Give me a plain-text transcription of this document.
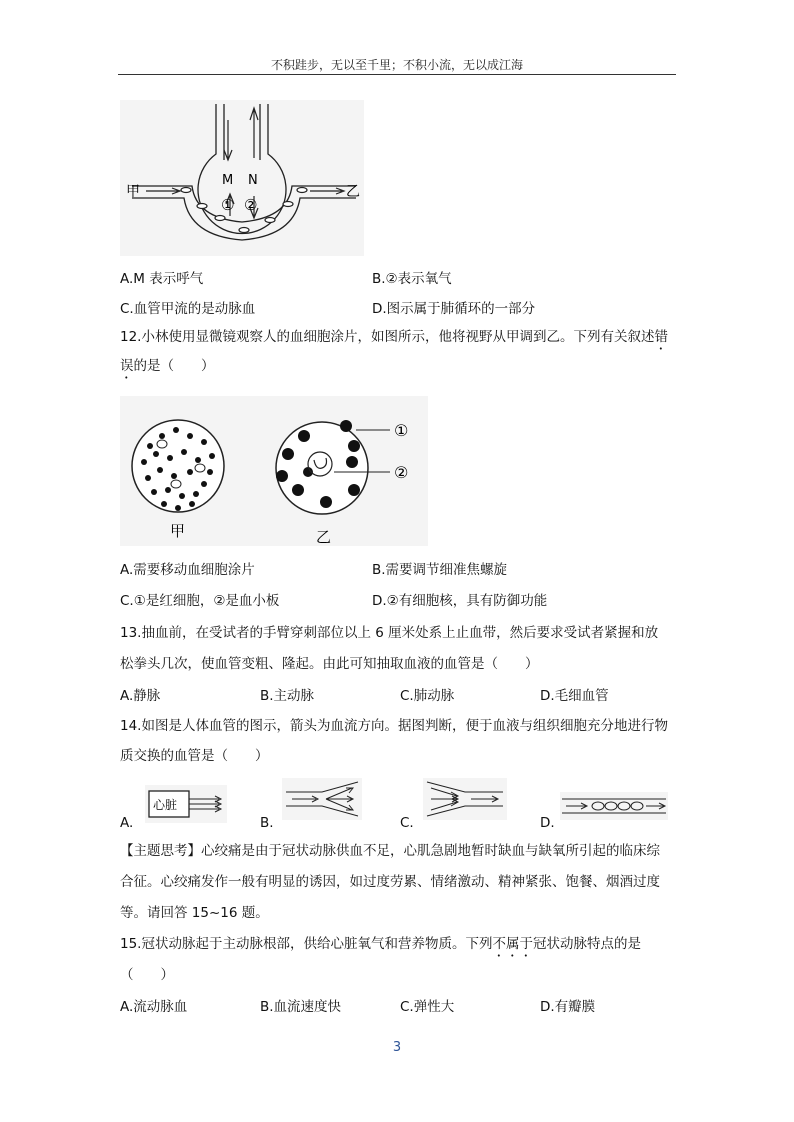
不积跬步，无以至千里；不积小流，无以成江海
甲	乙
M N
① ②
A.M 表示呼气	B.②表示氧气
C.血管甲流的是动脉血	D.图示属于肺循环的一部分
12.小林使用显微镜观察人的血细胞涂片，如图所示，他将视野从甲调到乙。下列有关叙述错
误的是（　　）
①
②
甲	乙
A.需要移动血细胞涂片	B.需要调节细准焦螺旋
C.①是红细胞，②是血小板	D.②有细胞核，具有防御功能
13.抽血前，在受试者的手臂穿刺部位以上 6 厘米处系上止血带，然后要求受试者紧握和放
松拳头几次，使血管变粗、隆起。由此可知抽取血液的血管是（　　）
A.静脉	B.主动脉	C.肺动脉	D.毛细血管
14.如图是人体血管的图示，箭头为血流方向。据图判断，便于血液与组织细胞充分地进行物
质交换的血管是（　　）
A.
心脏
B.	C.	D.
【主题思考】心绞痛是由于冠状动脉供血不足，心肌急剧地暂时缺血与缺氧所引起的临床综
合征。心绞痛发作一般有明显的诱因，如过度劳累、情绪激动、精神紧张、饱餐、烟酒过度
等。请回答 15~16 题。
15.冠状动脉起于主动脉根部，供给心脏氧气和营养物质。下列不属于冠状动脉特点的是
（　　）
A.流动脉血	B.血流速度快	C.弹性大	D.有瓣膜
3
